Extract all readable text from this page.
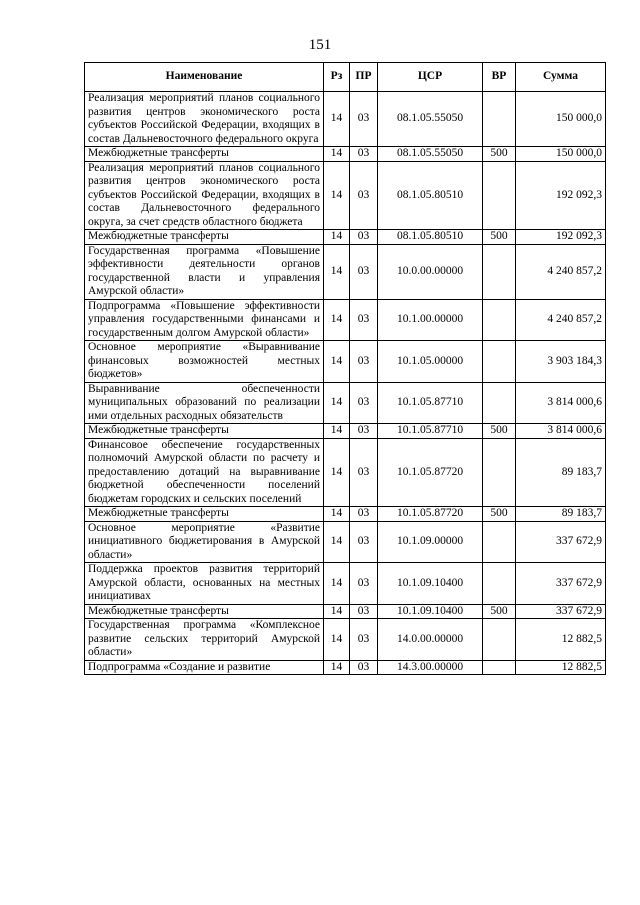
151
Наименование	Рз	ПР	ЦСР	ВР	Сумма
Реализация мероприятий планов социального развития центров экономического роста субъектов Российской Федерации, входящих в состав Дальневосточного федерального округа	14	03	08.1.05.55050		150 000,0
Межбюджетные трансферты	14	03	08.1.05.55050	500	150 000,0
Реализация мероприятий планов социального развития центров экономического роста субъектов Российской Федерации, входящих в состав Дальневосточного федерального округа, за счет средств областного бюджета	14	03	08.1.05.80510		192 092,3
Межбюджетные трансферты	14	03	08.1.05.80510	500	192 092,3
Государственная программа «Повышение эффективности деятельности органов государственной власти и управления Амурской области»	14	03	10.0.00.00000		4 240 857,2
Подпрограмма «Повышение эффективности управления государственными финансами и государственным долгом Амурской области»	14	03	10.1.00.00000		4 240 857,2
Основное мероприятие «Выравнивание финансовых возможностей местных бюджетов»	14	03	10.1.05.00000		3 903 184,3
Выравнивание обеспеченности муниципальных образований по реализации ими отдельных расходных обязательств	14	03	10.1.05.87710		3 814 000,6
Межбюджетные трансферты	14	03	10.1.05.87710	500	3 814 000,6
Финансовое обеспечение государственных полномочий Амурской области по расчету и предоставлению дотаций на выравнивание бюджетной обеспеченности поселений бюджетам городских и сельских поселений	14	03	10.1.05.87720		89 183,7
Межбюджетные трансферты	14	03	10.1.05.87720	500	89 183,7
Основное мероприятие «Развитие инициативного бюджетирования в Амурской области»	14	03	10.1.09.00000		337 672,9
Поддержка проектов развития территорий Амурской области, основанных на местных инициативах	14	03	10.1.09.10400		337 672,9
Межбюджетные трансферты	14	03	10.1.09.10400	500	337 672,9
Государственная программа «Комплексное развитие сельских территорий Амурской области»	14	03	14.0.00.00000		12 882,5
Подпрограмма «Создание и развитие	14	03	14.3.00.00000		12 882,5
